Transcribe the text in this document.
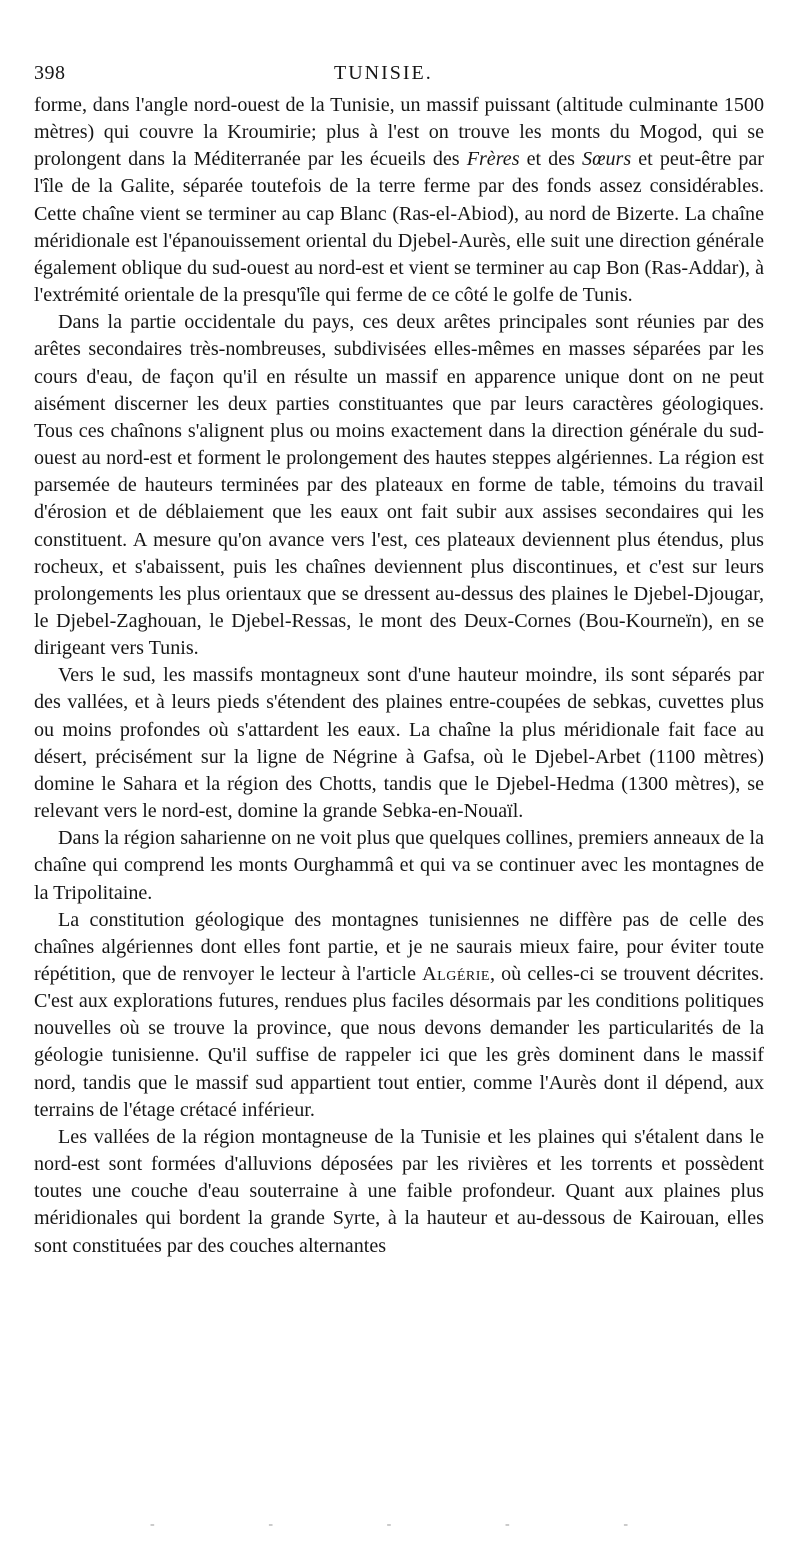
398	TUNISIE.

forme, dans l'angle nord-ouest de la Tunisie, un massif puissant (altitude culminante 1500 mètres) qui couvre la Kroumirie; plus à l'est on trouve les monts du Mogod, qui se prolongent dans la Méditerranée par les écueils des Frères et des Sœurs et peut-être par l'île de la Galite, séparée toutefois de la terre ferme par des fonds assez considérables. Cette chaîne vient se terminer au cap Blanc (Ras-el-Abiod), au nord de Bizerte. La chaîne méridionale est l'épanouissement oriental du Djebel-Aurès, elle suit une direction générale également oblique du sud-ouest au nord-est et vient se terminer au cap Bon (Ras-Addar), à l'extrémité orientale de la presqu'île qui ferme de ce côté le golfe de Tunis.

Dans la partie occidentale du pays, ces deux arêtes principales sont réunies par des arêtes secondaires très-nombreuses, subdivisées elles-mêmes en masses séparées par les cours d'eau, de façon qu'il en résulte un massif en apparence unique dont on ne peut aisément discerner les deux parties constituantes que par leurs caractères géologiques. Tous ces chaînons s'alignent plus ou moins exactement dans la direction générale du sud-ouest au nord-est et forment le prolongement des hautes steppes algériennes. La région est parsemée de hauteurs terminées par des plateaux en forme de table, témoins du travail d'érosion et de déblaiement que les eaux ont fait subir aux assises secondaires qui les constituent. A mesure qu'on avance vers l'est, ces plateaux deviennent plus étendus, plus rocheux, et s'abaissent, puis les chaînes deviennent plus discontinues, et c'est sur leurs prolongements les plus orientaux que se dressent au-dessus des plaines le Djebel-Djougar, le Djebel-Zaghouan, le Djebel-Ressas, le mont des Deux-Cornes (Bou-Kourneïn), en se dirigeant vers Tunis.

Vers le sud, les massifs montagneux sont d'une hauteur moindre, ils sont séparés par des vallées, et à leurs pieds s'étendent des plaines entre-coupées de sebkas, cuvettes plus ou moins profondes où s'attardent les eaux. La chaîne la plus méridionale fait face au désert, précisément sur la ligne de Négrine à Gafsa, où le Djebel-Arbet (1100 mètres) domine le Sahara et la région des Chotts, tandis que le Djebel-Hedma (1300 mètres), se relevant vers le nord-est, domine la grande Sebka-en-Nouaïl.

Dans la région saharienne on ne voit plus que quelques collines, premiers anneaux de la chaîne qui comprend les monts Ourghammâ et qui va se continuer avec les montagnes de la Tripolitaine.

La constitution géologique des montagnes tunisiennes ne diffère pas de celle des chaînes algériennes dont elles font partie, et je ne saurais mieux faire, pour éviter toute répétition, que de renvoyer le lecteur à l'article Algérie, où celles-ci se trouvent décrites. C'est aux explorations futures, rendues plus faciles désormais par les conditions politiques nouvelles où se trouve la province, que nous devons demander les particularités de la géologie tunisienne. Qu'il suffise de rappeler ici que les grès dominent dans le massif nord, tandis que le massif sud appartient tout entier, comme l'Aurès dont il dépend, aux terrains de l'étage crétacé inférieur.

Les vallées de la région montagneuse de la Tunisie et les plaines qui s'étalent dans le nord-est sont formées d'alluvions déposées par les rivières et les torrents et possèdent toutes une couche d'eau souterraine à une faible profondeur. Quant aux plaines plus méridionales qui bordent la grande Syrte, à la hauteur et au-dessous de Kairouan, elles sont constituées par des couches alternantes

-	-	-	-	-
